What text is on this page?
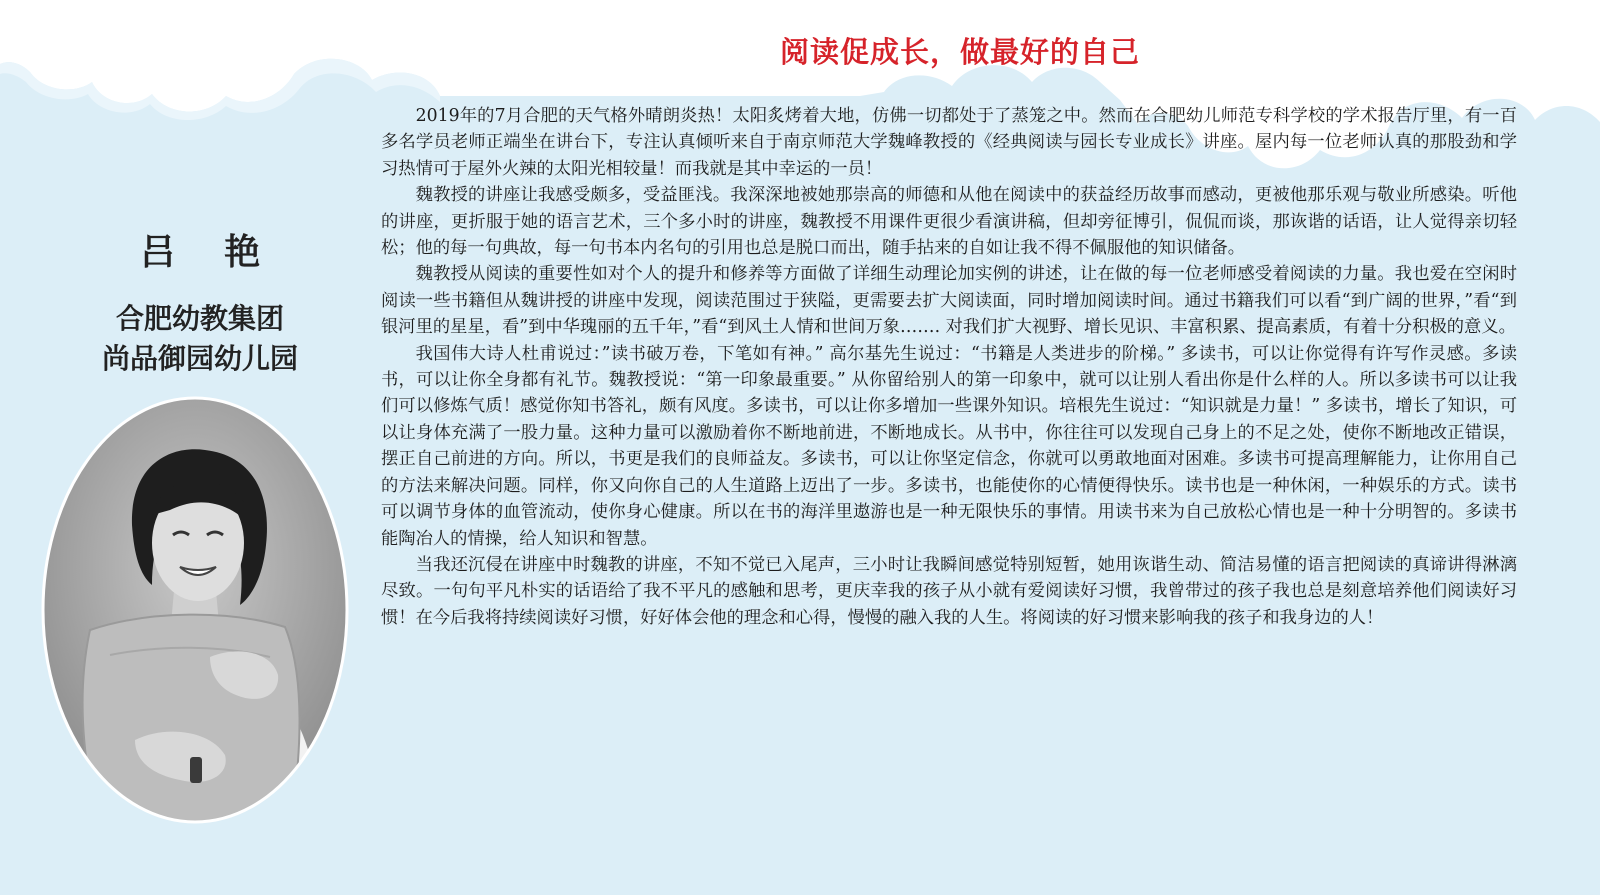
阅读促成长，做最好的自己
吕 艳
合肥幼教集团
尚品御园幼儿园

2019年的7月合肥的天气格外晴朗炎热！太阳炙烤着大地，仿佛一切都处于了蒸笼之中。然而在合肥幼儿师范专科学校的学术报告厅里，有一百多名学员老师正端坐在讲台下，专注认真倾听来自于南京师范大学魏峰教授的《经典阅读与园长专业成长》讲座。屋内每一位老师认真的那股劲和学习热情可于屋外火辣的太阳光相较量！而我就是其中幸运的一员！

魏教授的讲座让我感受颇多，受益匪浅。我深深地被她那崇高的师德和从他在阅读中的获益经历故事而感动，更被他那乐观与敬业所感染。听他的讲座，更折服于她的语言艺术，三个多小时的讲座，魏教授不用课件更很少看演讲稿，但却旁征博引，侃侃而谈，那诙谐的话语，让人觉得亲切轻松；他的每一句典故，每一句书本内名句的引用也总是脱口而出，随手拈来的自如让我不得不佩服他的知识储备。

魏教授从阅读的重要性如对个人的提升和修养等方面做了详细生动理论加实例的讲述，让在做的每一位老师感受着阅读的力量。我也爱在空闲时阅读一些书籍但从魏讲授的讲座中发现，阅读范围过于狭隘，更需要去扩大阅读面，同时增加阅读时间。通过书籍我们可以看“到广阔的世界，”看“到银河里的星星，看”到中华瑰丽的五千年，”看“到风土人情和世间万象……. 对我们扩大视野、增长见识、丰富积累、提高素质，有着十分积极的意义。

我国伟大诗人杜甫说过：”读书破万卷，下笔如有神。” 高尔基先生说过：“书籍是人类进步的阶梯。” 多读书，可以让你觉得有许写作灵感。多读书，可以让你全身都有礼节。魏教授说：“第一印象最重要。” 从你留给别人的第一印象中，就可以让别人看出你是什么样的人。所以多读书可以让我们可以修炼气质！感觉你知书答礼，颇有风度。多读书，可以让你多增加一些课外知识。培根先生说过：“知识就是力量！” 多读书，增长了知识，可以让身体充满了一股力量。这种力量可以激励着你不断地前进，不断地成长。从书中，你往往可以发现自己身上的不足之处，使你不断地改正错误，摆正自己前进的方向。所以，书更是我们的良师益友。多读书，可以让你坚定信念，你就可以勇敢地面对困难。多读书可提高理解能力，让你用自己的方法来解决问题。同样，你又向你自己的人生道路上迈出了一步。多读书，也能使你的心情便得快乐。读书也是一种休闲，一种娱乐的方式。读书可以调节身体的血管流动，使你身心健康。所以在书的海洋里遨游也是一种无限快乐的事情。用读书来为自己放松心情也是一种十分明智的。多读书能陶冶人的情操，给人知识和智慧。

当我还沉侵在讲座中时魏教的讲座，不知不觉已入尾声，三小时让我瞬间感觉特别短暂，她用诙谐生动、简洁易懂的语言把阅读的真谛讲得淋漓尽致。一句句平凡朴实的话语给了我不平凡的感触和思考，更庆幸我的孩子从小就有爱阅读好习惯，我曾带过的孩子我也总是刻意培养他们阅读好习惯！在今后我将持续阅读好习惯，好好体会他的理念和心得，慢慢的融入我的人生。将阅读的好习惯来影响我的孩子和我身边的人！
